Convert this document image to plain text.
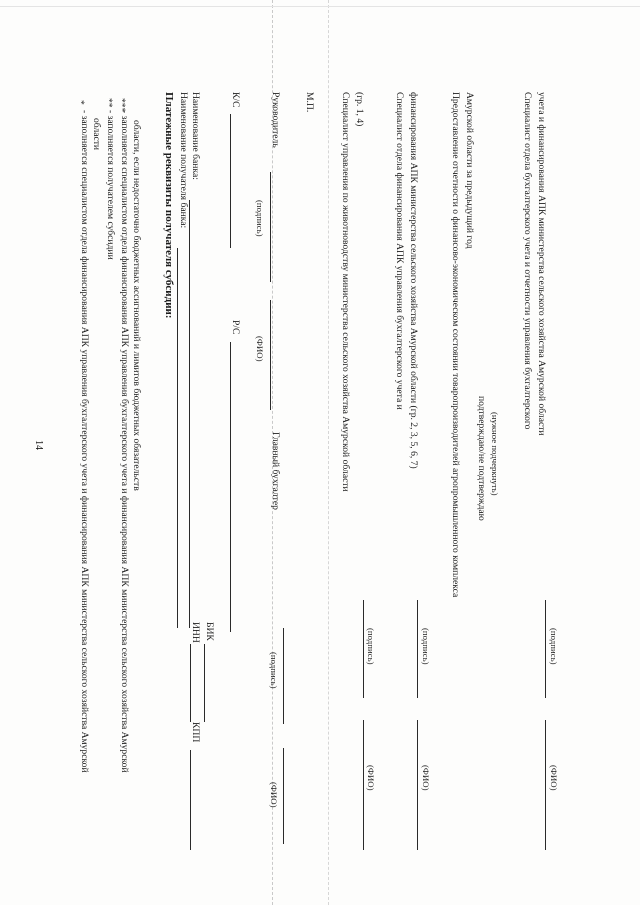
14
*
- заполняется специалистом отдела финансирования АПК управления бухгалтерского учета и финансирования АПК министерства сельского хозяйства Амурской области
**
- заполняется получателем субсидии
***
- заполняется специалистом отдела финансирования АПК управления бухгалтерского учета и финансирования АПК министерства сельского хозяйства Амурской области, если недостаточно бюджетных ассигнований и лимитов бюджетных обязательств Платежные реквизиты получателя субсидии: Наименование получателя банка: Наименование банка:
ИНН
КПП
БИК
К/С
Р/С
Руководитель
(подпись)
(ФИО)
Главный бухгалтер
(подпись)
(ФИО)
М.П.	Специалист управления по животноводству министерства сельского хозяйства Амурской области (гр. 1, 4)
(подпись)
(ФИО)
Специалист отдела финансирования АПК управления бухгалтерского учета и финансирования АПК министерства сельского хозяйства Амурской области (гр. 2, 3, 5, 6, 7)
(подпись)
(ФИО)
Предоставление отчетности о финансово-экономическом состоянии товаропроизводителей агропромышленного комплекса Амурской области за предыдущий год
подтверждаю/не подтверждаю (нужное подчеркнуть)
Специалист отдела бухгалтерского учета и отчетности управления бухгалтерского учета и финансирования АПК министерства сельского хозяйства Амурской области
(подпись)
(ФИО)
